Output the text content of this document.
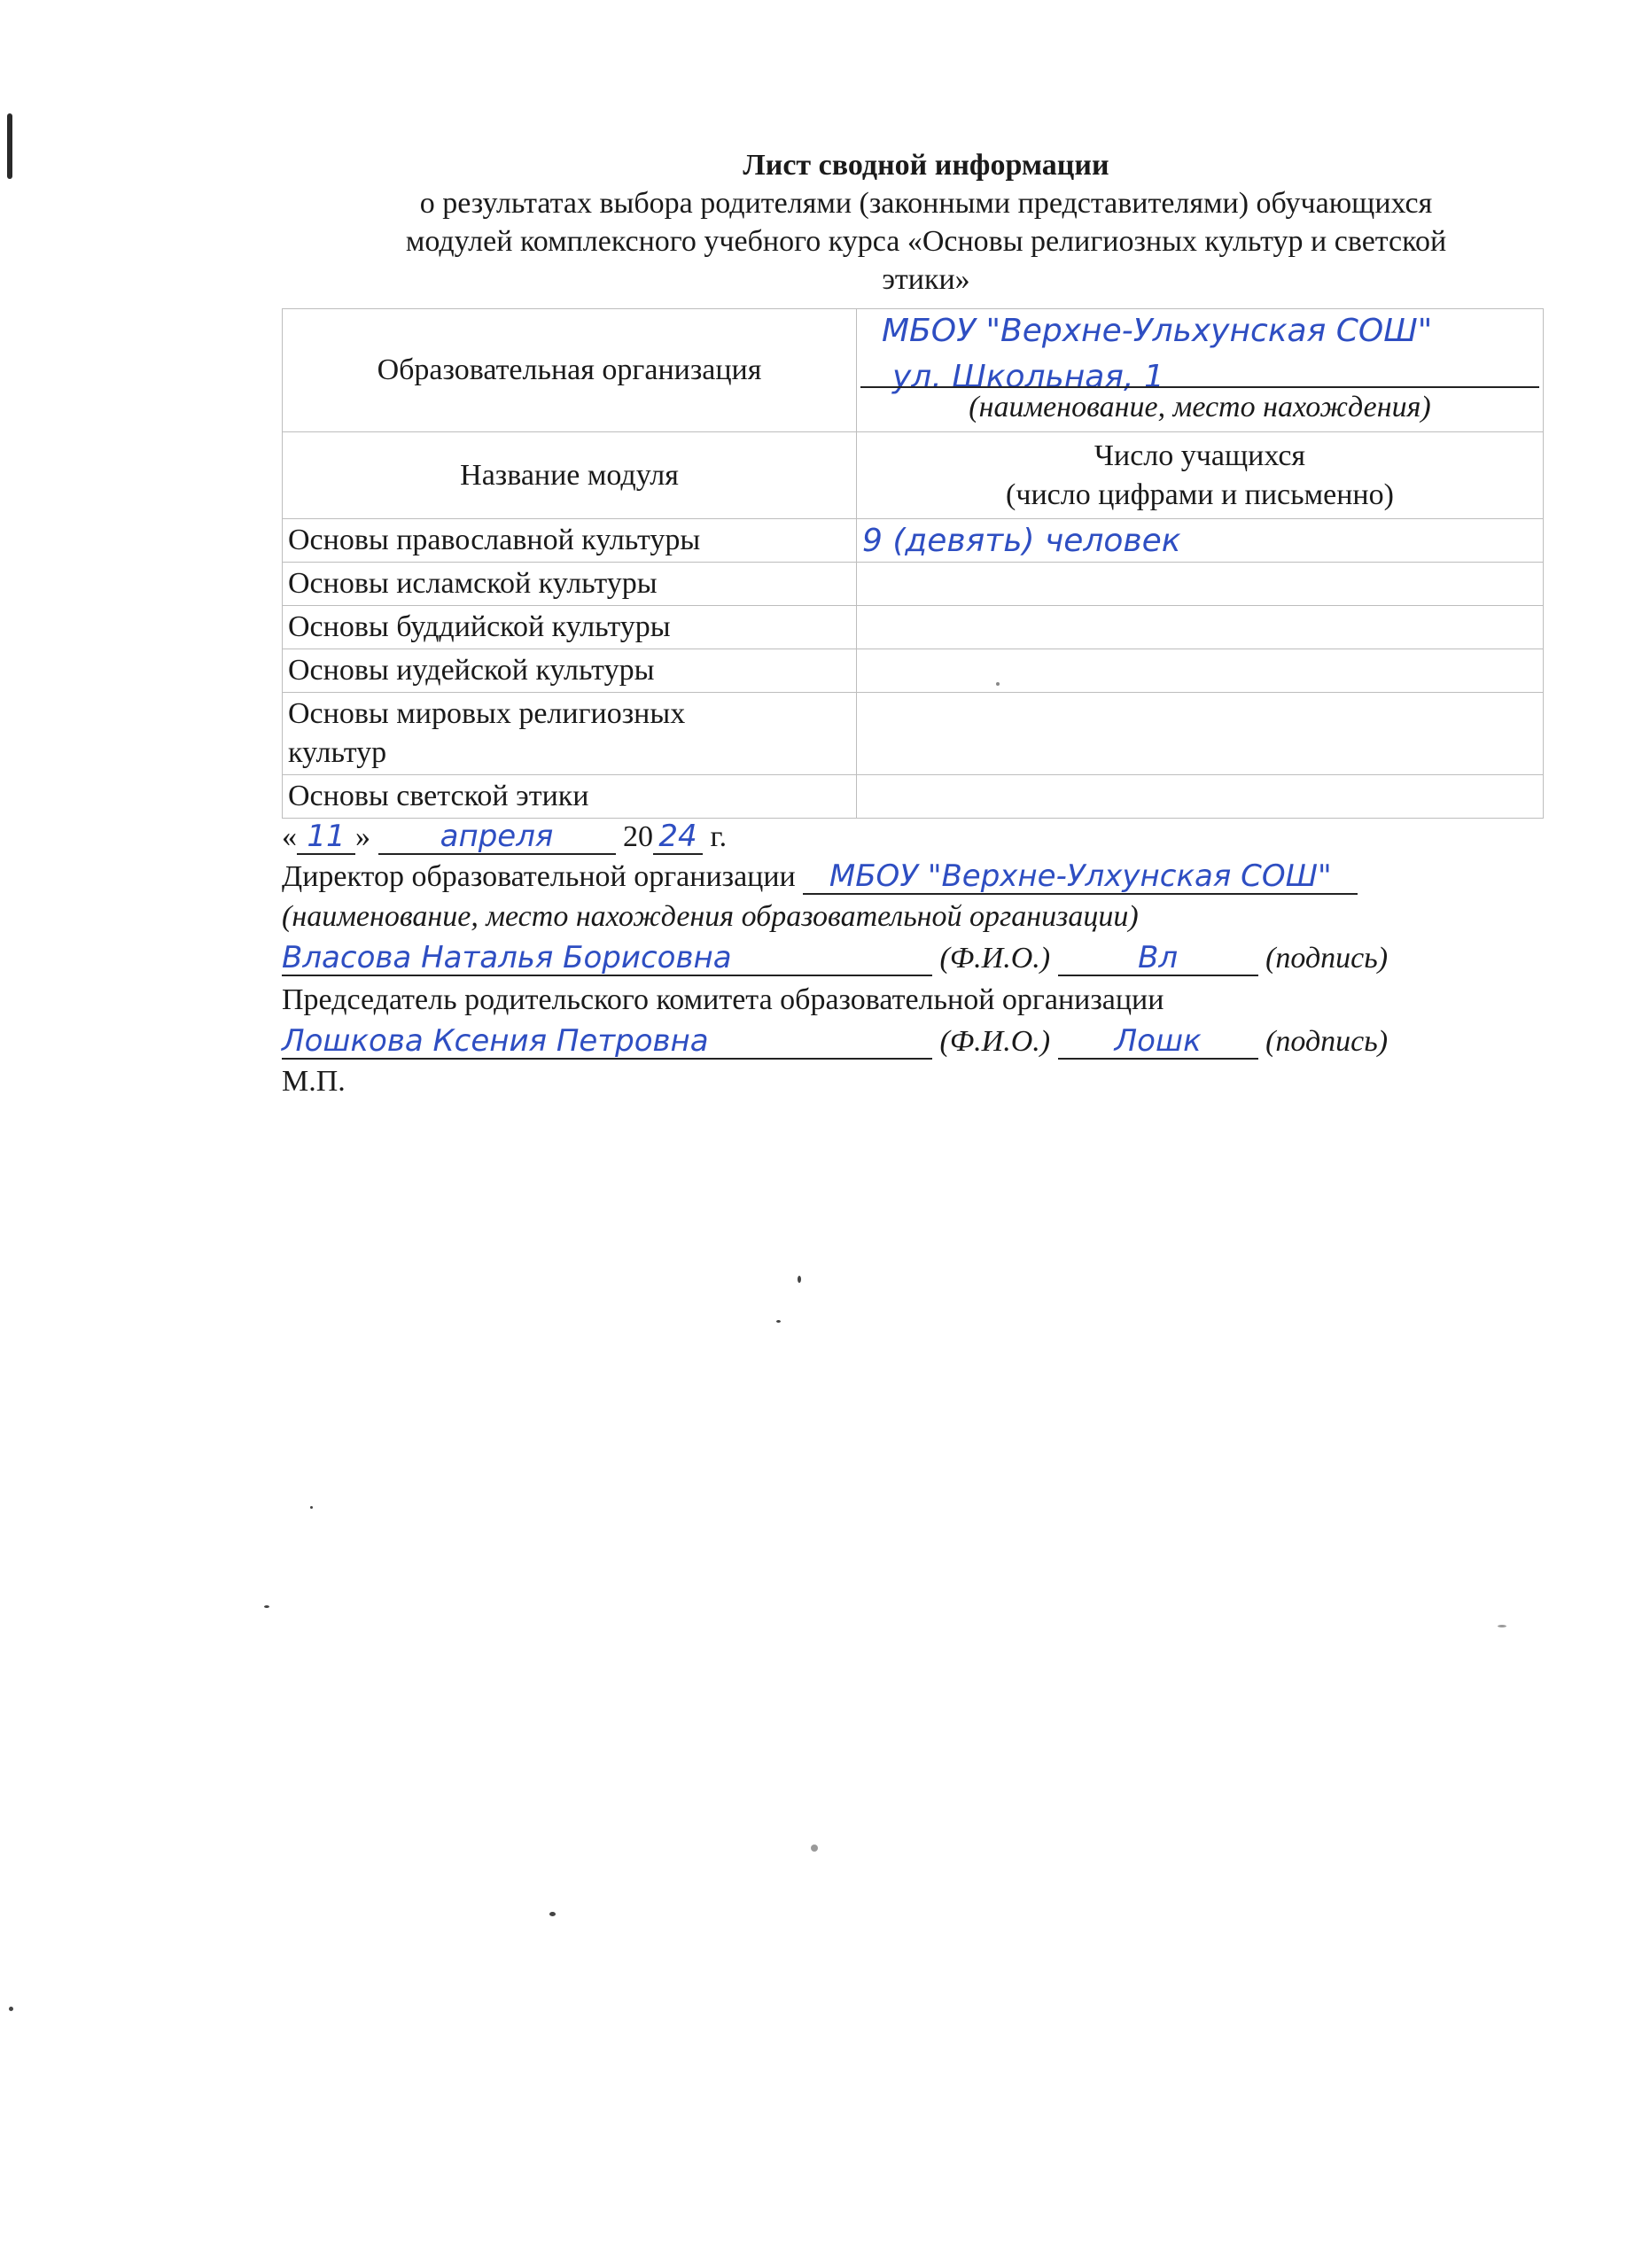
Лист сводной информации
о результатах выбора родителями (законными представителями) обучающихся
модулей комплексного учебного курса «Основы религиозных культур и светской
этики»
Образовательная организация	МБОУ "Верхне-Ульхунская СОШ"
ул. Школьная, 1
(наименование, место нахождения)

Название модуля	Число учащихся
(число цифрами и письменно)

Основы православной культуры	9 (девять) человек
Основы исламской культуры	
Основы буддийской культуры	
Основы иудейской культуры	

Основы мировых религиозных
культур	

Основы светской этики	
« 11 » апреля 20 24 г.
Директор образовательной организации МБОУ "Верхне-Улхунская СОШ"
(наименование, место нахождения образовательной организации)
Власова Наталья Борисовна	(Ф.И.О.)	Вл	(подпись)
Председатель родительского комитета образовательной организации
Лошкова Ксения Петровна	(Ф.И.О.) Лошк (подпись)
М.П.
